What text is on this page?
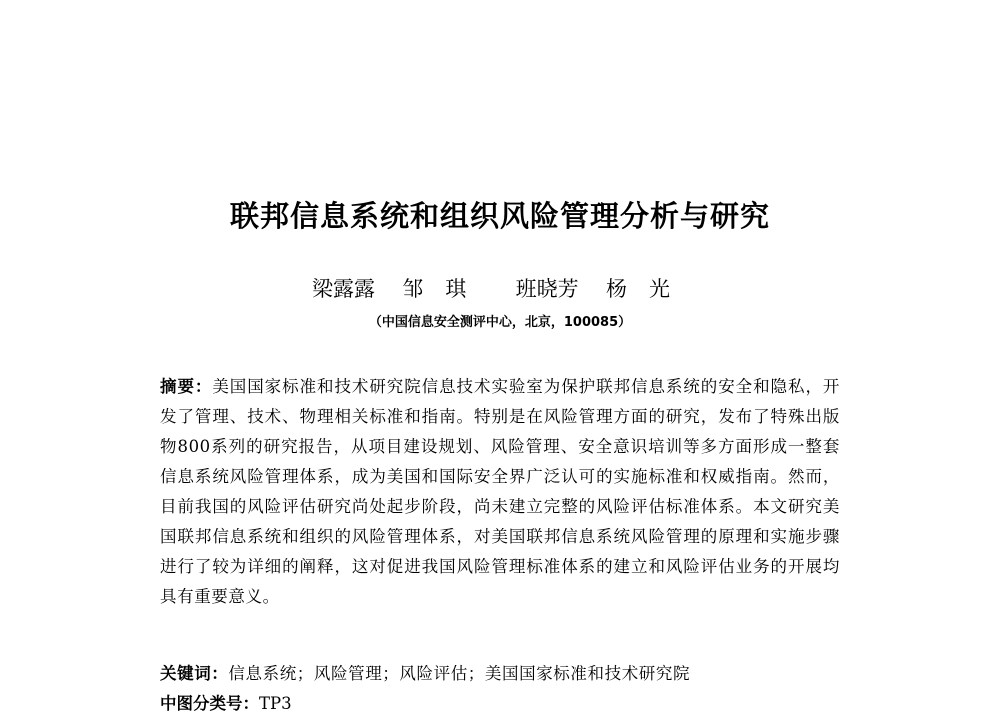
联邦信息系统和组织风险管理分析与研究
梁露露 邹琪 班晓芳 杨光
（中国信息安全测评中心，北京，100085）
摘要：美国国家标准和技术研究院信息技术实验室为保护联邦信息系统的安全和隐私，开发了管理、技术、物理相关标准和指南。特别是在风险管理方面的研究，发布了特殊出版物800系列的研究报告，从项目建设规划、风险管理、安全意识培训等多方面形成一整套信息系统风险管理体系，成为美国和国际安全界广泛认可的实施标准和权威指南。然而，目前我国的风险评估研究尚处起步阶段，尚未建立完整的风险评估标准体系。本文研究美国联邦信息系统和组织的风险管理体系，对美国联邦信息系统风险管理的原理和实施步骤进行了较为详细的阐释，这对促进我国风险管理标准体系的建立和风险评估业务的开展均具有重要意义。
关键词：信息系统；风险管理；风险评估；美国国家标准和技术研究院
中图分类号：TP3
